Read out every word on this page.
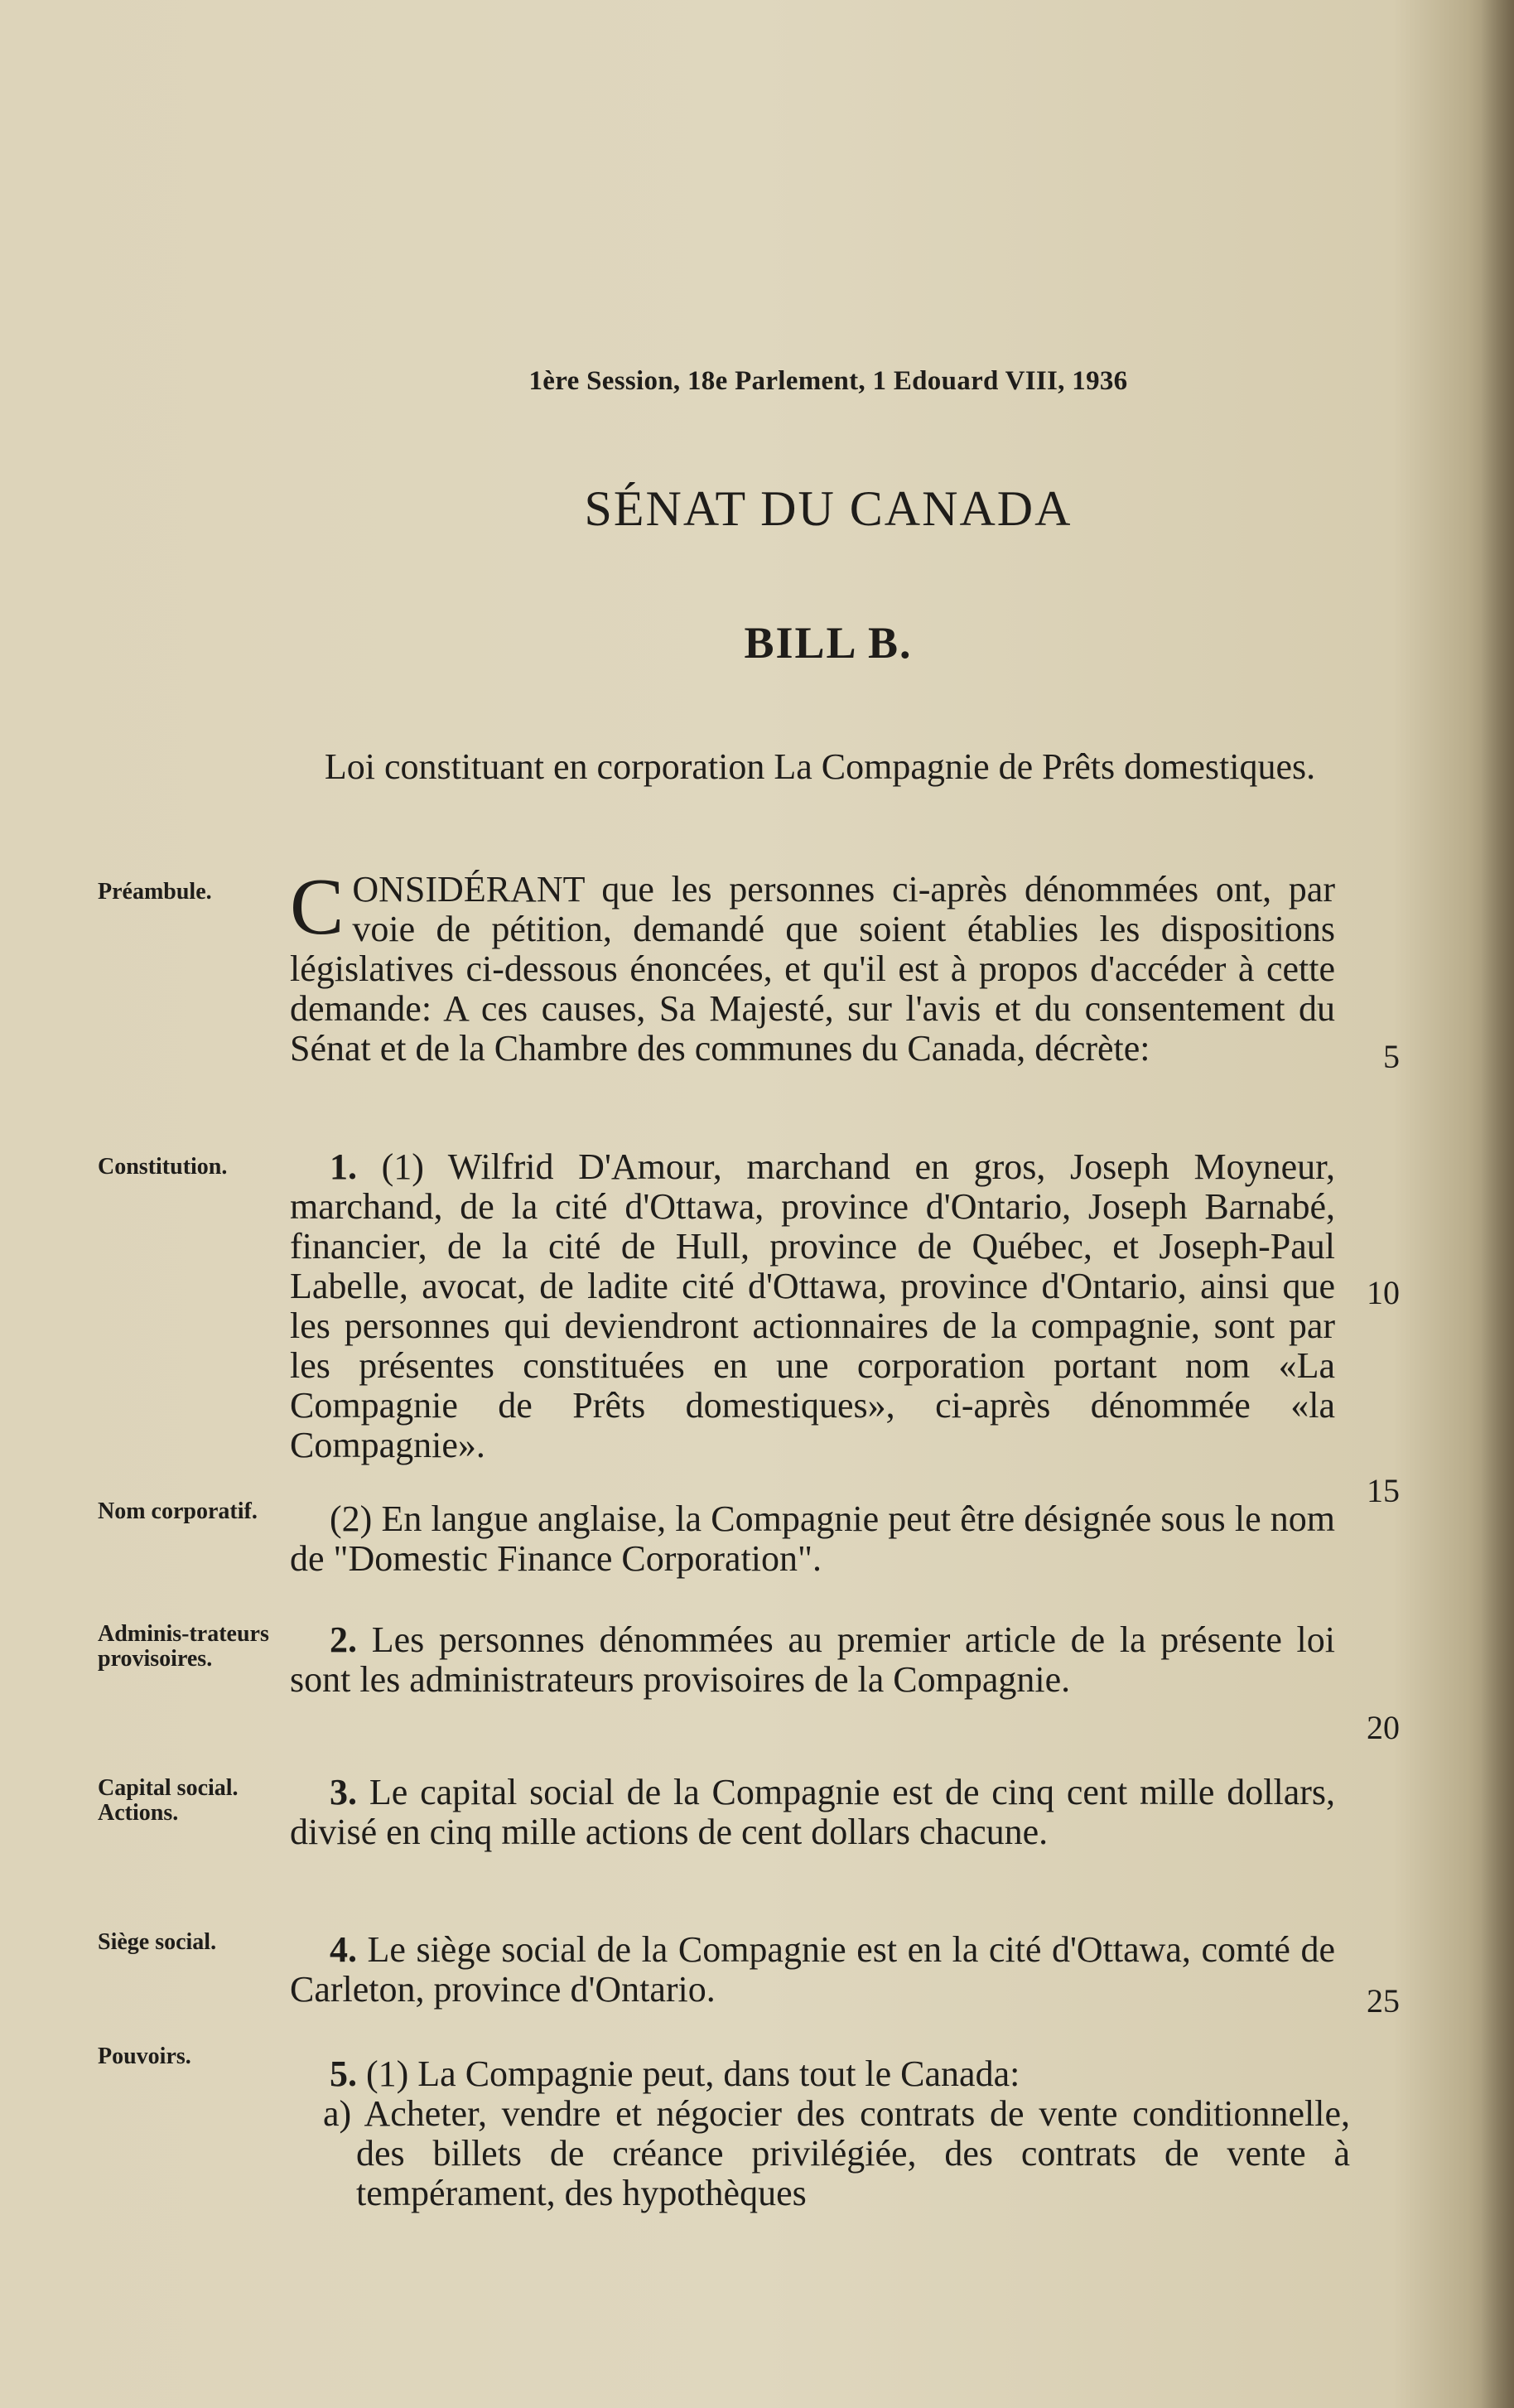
1ère Session, 18e Parlement, 1 Edouard VIII, 1936
SÉNAT DU CANADA
BILL B.
Loi constituant en corporation La Compagnie de Prêts domestiques.
Préambule. CONSIDÉRANT que les personnes ci-après dénommées ont, par voie de pétition, demandé que soient établies les dispositions législatives ci-dessous énoncées, et qu'il est à propos d'accéder à cette demande: A ces causes, Sa Majesté, sur l'avis et du consentement du Sénat et de la Chambre des communes du Canada, décrète:	5
Constitution.	1. (1) Wilfrid D'Amour, marchand en gros, Joseph Moyneur, marchand, de la cité d'Ottawa, province d'Ontario, Joseph Barnabé, financier, de la cité de Hull, province de Québec, et Joseph-Paul Labelle, avocat, de ladite cité d'Ottawa, province d'Ontario, ainsi que les personnes qui deviendront actionnaires de la compagnie, sont par les présentes constituées en une corporation portant nom «La Compagnie de Prêts domestiques», ci-après dénommée «la Compagnie».
10
15
Nom corporatif.	(2) En langue anglaise, la Compagnie peut être désignée sous le nom de "Domestic Finance Corporation".
Adminis-trateurs provisoires.	2. Les personnes dénommées au premier article de la présente loi sont les administrateurs provisoires de la Compagnie.
20
Capital social. Actions.
3. Le capital social de la Compagnie est de cinq cent mille dollars, divisé en cinq mille actions de cent dollars chacune.
Siège social.	4. Le siège social de la Compagnie est en la cité d'Ottawa, comté de Carleton, province d'Ontario.	25
Pouvoirs.	5. (1) La Compagnie peut, dans tout le Canada:
a) Acheter, vendre et négocier des contrats de vente conditionnelle, des billets de créance privilégiée, des contrats de vente à tempérament, des hypothèques
